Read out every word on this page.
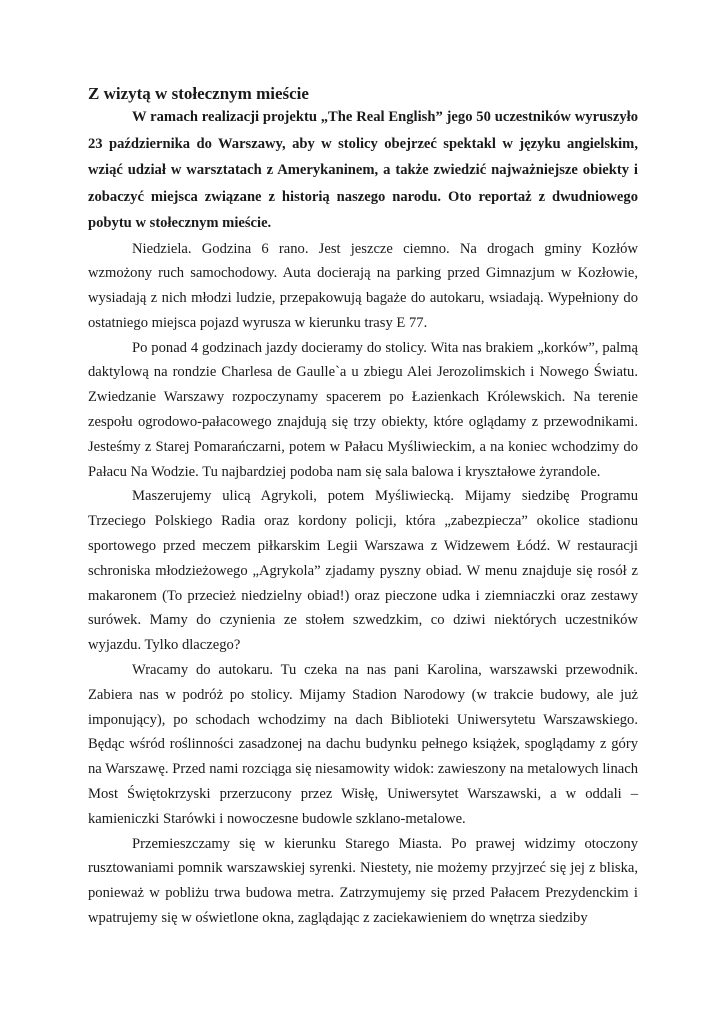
Z wizytą w stołecznym mieście

W ramach realizacji projektu „The Real English” jego 50 uczestników wyruszyło 23 października do Warszawy, aby w stolicy obejrzeć spektakl w języku angielskim, wziąć udział w warsztatach z Amerykaninem, a także zwiedzić najważniejsze obiekty i zobaczyć miejsca związane z historią naszego narodu. Oto reportaż z dwudniowego pobytu w stołecznym mieście.

Niedziela. Godzina 6 rano. Jest jeszcze ciemno. Na drogach gminy Kozłów wzmożony ruch samochodowy. Auta docierają na parking przed Gimnazjum w Kozłowie, wysiadają z nich młodzi ludzie, przepakowują bagaże do autokaru, wsiadają. Wypełniony do ostatniego miejsca pojazd wyrusza w kierunku trasy E 77.

Po ponad 4 godzinach jazdy docieramy do stolicy. Wita nas brakiem „korków”, palmą daktylową na rondzie Charlesa de Gaulle`a u zbiegu Alei Jerozolimskich i Nowego Światu. Zwiedzanie Warszawy rozpoczynamy spacerem po Łazienkach Królewskich. Na terenie zespołu ogrodowo-pałacowego znajdują się trzy obiekty, które oglądamy z przewodnikami. Jesteśmy z Starej Pomarańczarni, potem w Pałacu Myśliwieckim, a na koniec wchodzimy do Pałacu Na Wodzie. Tu najbardziej podoba nam się sala balowa i kryształowe żyrandole.

Maszerujemy ulicą Agrykoli, potem Myśliwiecką. Mijamy siedzibę Programu Trzeciego Polskiego Radia oraz kordony policji, która „zabezpiecza” okolice stadionu sportowego przed meczem piłkarskim Legii Warszawa z Widzewem Łódź. W restauracji schroniska młodzieżowego „Agrykola” zjadamy pyszny obiad. W menu znajduje się rosół z makaronem (To przecież niedzielny obiad!) oraz pieczone udka i ziemniaczki oraz zestawy surówek. Mamy do czynienia ze stołem szwedzkim, co dziwi niektórych uczestników wyjazdu. Tylko dlaczego?

Wracamy do autokaru. Tu czeka na nas pani Karolina, warszawski przewodnik. Zabiera nas w podróż po stolicy. Mijamy Stadion Narodowy (w trakcie budowy, ale już imponujący), po schodach wchodzimy na dach Biblioteki Uniwersytetu Warszawskiego. Będąc wśród roślinności zasadzonej na dachu budynku pełnego książek, spoglądamy z góry na Warszawę. Przed nami rozciąga się niesamowity widok: zawieszony na metalowych linach Most Świętokrzyski przerzucony przez Wisłę, Uniwersytet Warszawski, a w oddali – kamieniczki Starówki i nowoczesne budowle szklano-metalowe.

Przemieszczamy się w kierunku Starego Miasta. Po prawej widzimy otoczony rusztowaniami pomnik warszawskiej syrenki. Niestety, nie możemy przyjrzeć się jej z bliska, ponieważ w pobliżu trwa budowa metra. Zatrzymujemy się przed Pałacem Prezydenckim i wpatrujemy się w oświetlone okna, zaglądając z zaciekawieniem do wnętrza siedziby
